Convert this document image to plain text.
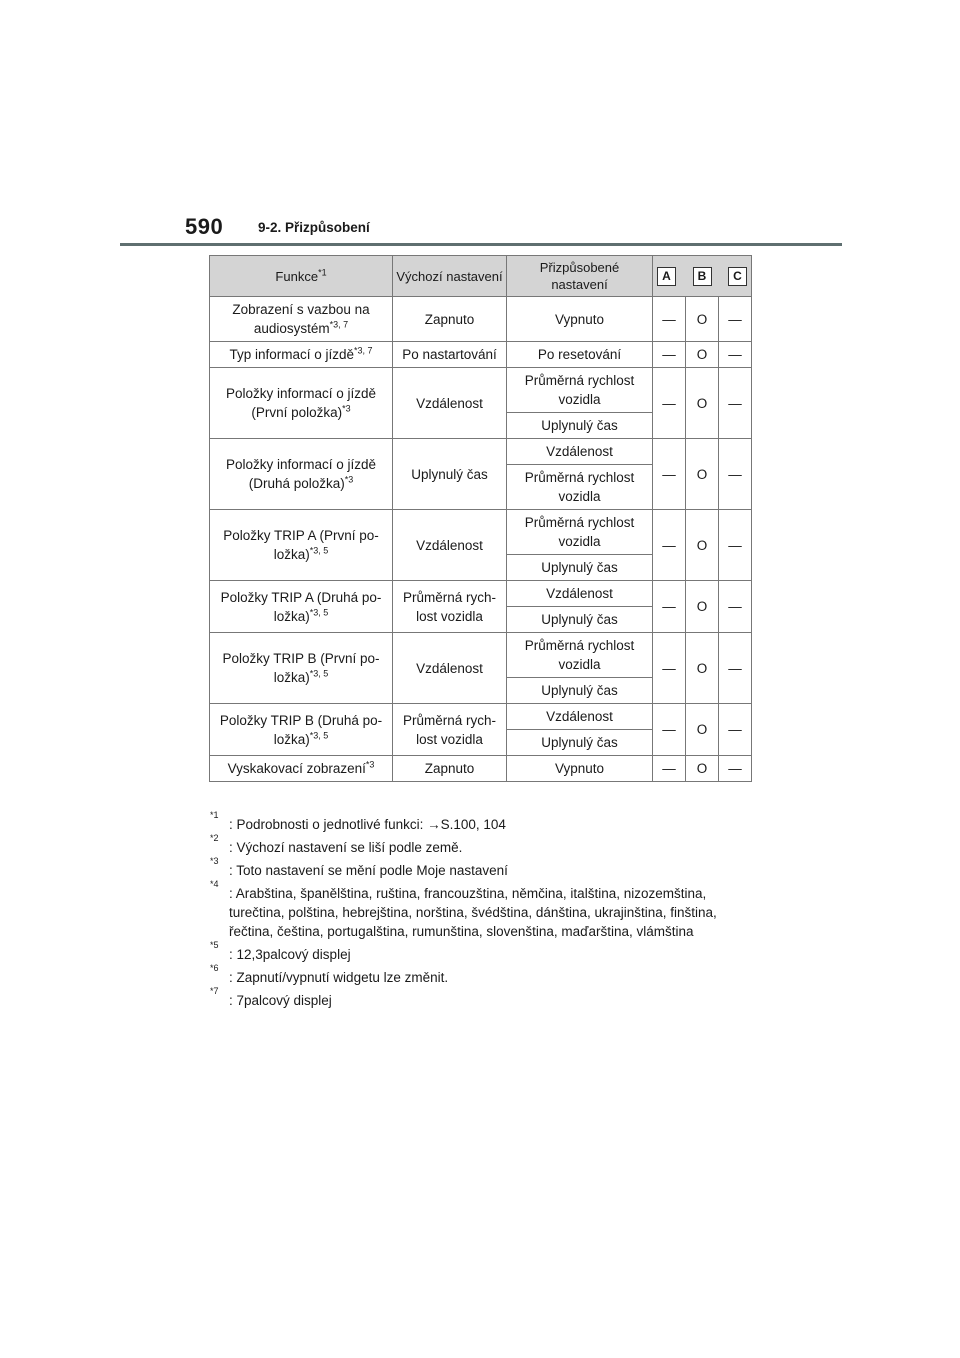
590	9-2. Přizpůsobení
Funkce$^{*1}$	Výchozí nastavení	Přizpůsobené nastavení	A B C		

Zobrazení s vazbou na audiosystém$^{*3, 7}$	Zapnuto	Vypnuto	—	O	—
Typ informací o jízdě$^{*3, 7}$	Po nastartování	Po resetování	—	O	—
Položky informací o jízdě (První položka)$^{*3}$	Vzdálenost	Průměrná rychlost vozidla	—	O	—
		Uplynulý čas			
Položky informací o jízdě (Druhá položka)$^{*3}$	Uplynulý čas	Vzdálenost	—	O	—
		Průměrná rychlost vozidla			
Položky TRIP A (První po-ložka)$^{*3, 5}$	Vzdálenost	Průměrná rychlost vozidla	—	O	—
		Uplynulý čas			
Položky TRIP A (Druhá po-ložka)$^{*3, 5}$	Průměrná rych-lost vozidla	Vzdálenost	—	O	—
		Uplynulý čas			
Položky TRIP B (První po-ložka)$^{*3, 5}$	Vzdálenost	Průměrná rychlost vozidla	—	O	—
		Uplynulý čas			
Položky TRIP B (Druhá po-ložka)$^{*3, 5}$	Průměrná rych-lost vozidla	Vzdálenost	—	O	—
		Uplynulý čas			
Vyskakovací zobrazení$^{*3}$	Zapnuto	Vypnuto	—	O	—
*1
: Podrobnosti o jednotlivé funkci: →S.100, 104
*2
: Výchozí nastavení se liší podle země.
*3
: Toto nastavení se mění podle Moje nastavení
*4
: Arabština, španělština, ruština, francouzština, němčina, italština, nizozemština, turečtina, polština, hebrejština, norština, švédština, dánština, ukrajinština, finština, řečtina, čeština, portugalština, rumunština, slovenština, maďarština, vlámština
*5
: 12,3palcový displej
*6
: Zapnutí/vypnutí widgetu lze změnit.
*7
: 7palcový displej
